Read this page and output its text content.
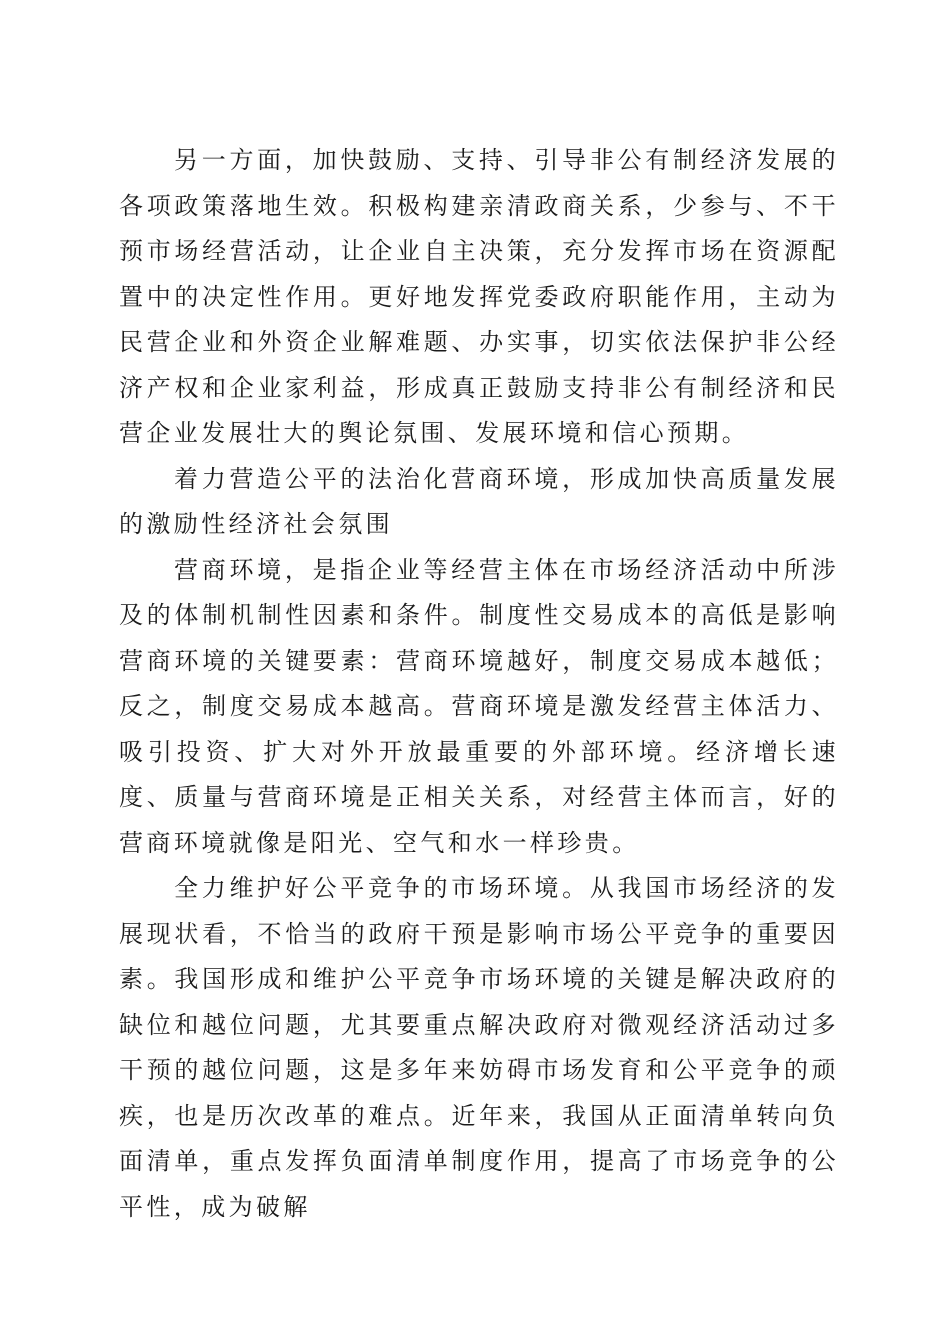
另一方面，加快鼓励、支持、引导非公有制经济发展的各项政策落地生效。积极构建亲清政商关系，少参与、不干预市场经营活动，让企业自主决策，充分发挥市场在资源配置中的决定性作用。更好地发挥党委政府职能作用，主动为民营企业和外资企业解难题、办实事，切实依法保护非公经济产权和企业家利益，形成真正鼓励支持非公有制经济和民营企业发展壮大的舆论氛围、发展环境和信心预期。

着力营造公平的法治化营商环境，形成加快高质量发展的激励性经济社会氛围

营商环境，是指企业等经营主体在市场经济活动中所涉及的体制机制性因素和条件。制度性交易成本的高低是影响营商环境的关键要素：营商环境越好，制度交易成本越低；反之，制度交易成本越高。营商环境是激发经营主体活力、吸引投资、扩大对外开放最重要的外部环境。经济增长速度、质量与营商环境是正相关关系，对经营主体而言，好的营商环境就像是阳光、空气和水一样珍贵。

全力维护好公平竞争的市场环境。从我国市场经济的发展现状看，不恰当的政府干预是影响市场公平竞争的重要因素。我国形成和维护公平竞争市场环境的关键是解决政府的缺位和越位问题，尤其要重点解决政府对微观经济活动过多干预的越位问题，这是多年来妨碍市场发育和公平竞争的顽疾，也是历次改革的难点。近年来，我国从正面清单转向负面清单，重点发挥负面清单制度作用，提高了市场竞争的公平性，成为破解
